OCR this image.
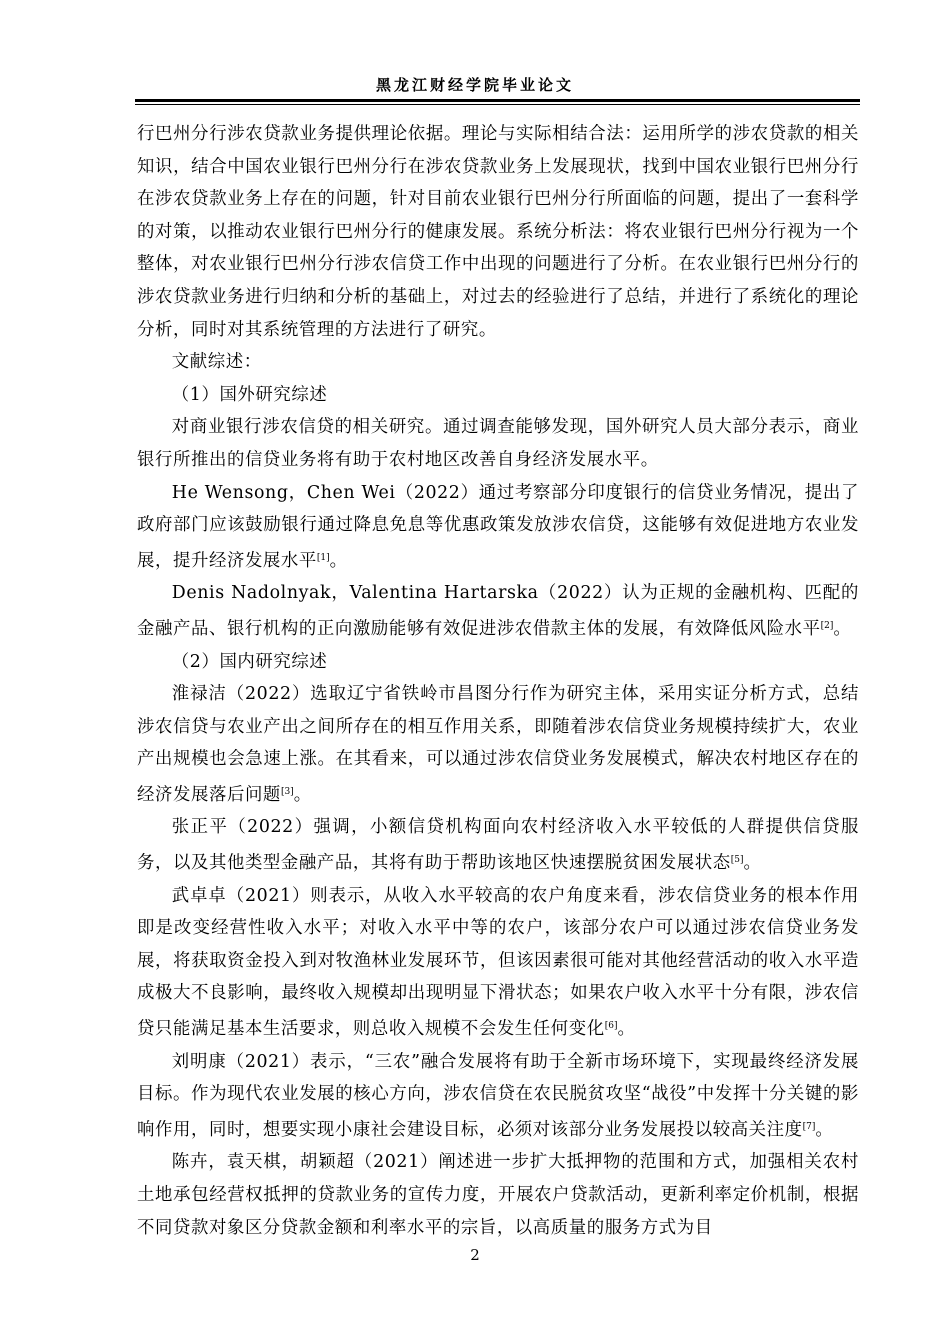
黑龙江财经学院毕业论文

行巴州分行涉农贷款业务提供理论依据。理论与实际相结合法：运用所学的涉农贷款的相关知识，结合中国农业银行巴州分行在涉农贷款业务上发展现状，找到中国农业银行巴州分行在涉农贷款业务上存在的问题，针对目前农业银行巴州分行所面临的问题，提出了一套科学的对策，以推动农业银行巴州分行的健康发展。系统分析法：将农业银行巴州分行视为一个整体，对农业银行巴州分行涉农信贷工作中出现的问题进行了分析。在农业银行巴州分行的涉农贷款业务进行归纳和分析的基础上，对过去的经验进行了总结，并进行了系统化的理论分析，同时对其系统管理的方法进行了研究。

文献综述：

（1）国外研究综述

对商业银行涉农信贷的相关研究。通过调查能够发现，国外研究人员大部分表示，商业银行所推出的信贷业务将有助于农村地区改善自身经济发展水平。

He Wensong，Chen Wei（2022）通过考察部分印度银行的信贷业务情况，提出了政府部门应该鼓励银行通过降息免息等优惠政策发放涉农信贷，这能够有效促进地方农业发展，提升经济发展水平[1]。

Denis Nadolnyak，Valentina Hartarska（2022）认为正规的金融机构、匹配的金融产品、银行机构的正向激励能够有效促进涉农借款主体的发展，有效降低风险水平[2]。

（2）国内研究综述

淮禄洁（2022）选取辽宁省铁岭市昌图分行作为研究主体，采用实证分析方式，总结涉农信贷与农业产出之间所存在的相互作用关系，即随着涉农信贷业务规模持续扩大，农业产出规模也会急速上涨。在其看来，可以通过涉农信贷业务发展模式，解决农村地区存在的经济发展落后问题[3]。

张正平（2022）强调，小额信贷机构面向农村经济收入水平较低的人群提供信贷服务，以及其他类型金融产品，其将有助于帮助该地区快速摆脱贫困发展状态[5]。

武卓卓（2021）则表示，从收入水平较高的农户角度来看，涉农信贷业务的根本作用即是改变经营性收入水平；对收入水平中等的农户，该部分农户可以通过涉农信贷业务发展，将获取资金投入到对牧渔林业发展环节，但该因素很可能对其他经营活动的收入水平造成极大不良影响，最终收入规模却出现明显下滑状态；如果农户收入水平十分有限，涉农信贷只能满足基本生活要求，则总收入规模不会发生任何变化[6]。

刘明康（2021）表示，“三农”融合发展将有助于全新市场环境下，实现最终经济发展目标。作为现代农业发展的核心方向，涉农信贷在农民脱贫攻坚“战役”中发挥十分关键的影响作用，同时，想要实现小康社会建设目标，必须对该部分业务发展投以较高关注度[7]。

陈卉，袁天棋，胡颖超（2021）阐述进一步扩大抵押物的范围和方式，加强相关农村土地承包经营权抵押的贷款业务的宣传力度，开展农户贷款活动，更新利率定价机制，根据不同贷款对象区分贷款金额和利率水平的宗旨，以高质量的服务方式为目

2
